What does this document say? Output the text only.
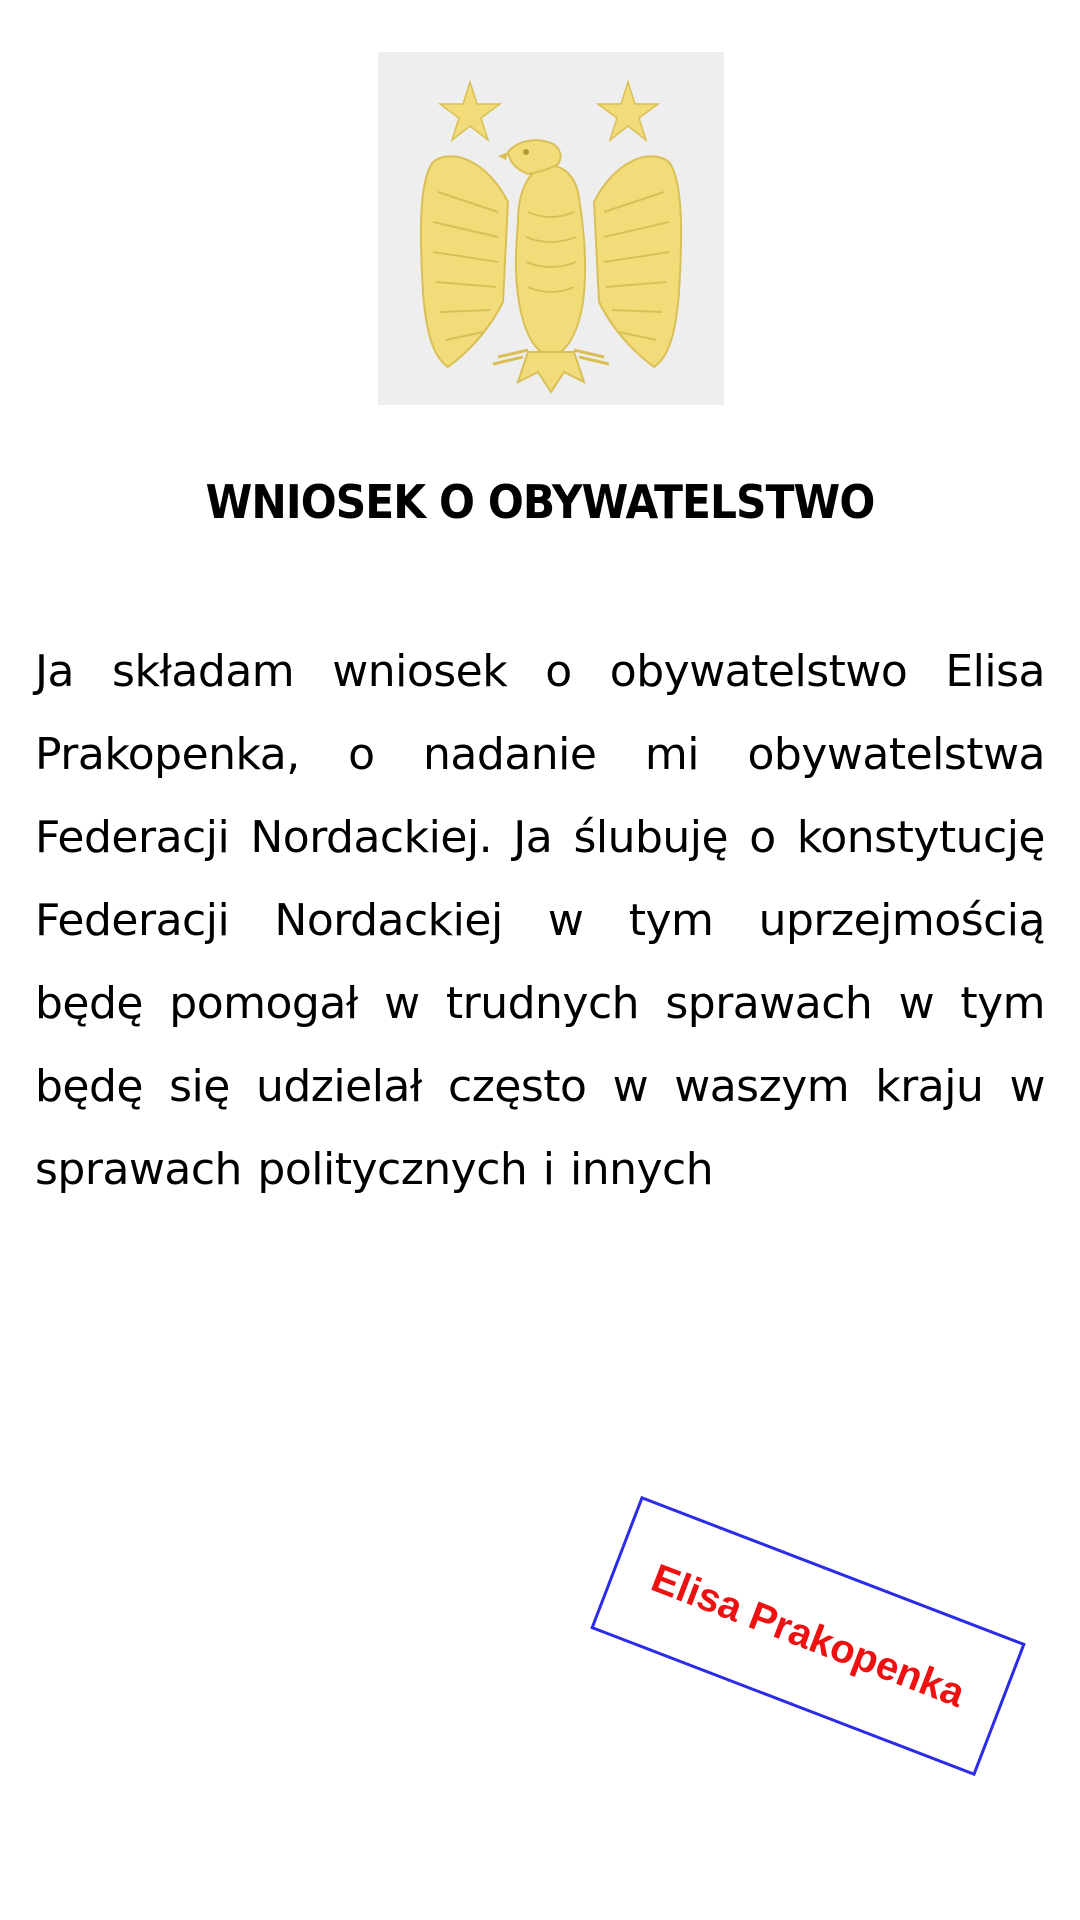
WNIOSEK O OBYWATELSTWO
Ja składam wniosek o obywatelstwo Elisa Prakopenka, o nadanie mi obywatelstwa Federacji Nordackiej. Ja ślubuję o konstytucję Federacji Nordackiej w tym uprzejmością będę pomogał w trudnych sprawach w tym będę się udzielał często w waszym kraju w sprawach politycznych i innych
Elisa Prakopenka
